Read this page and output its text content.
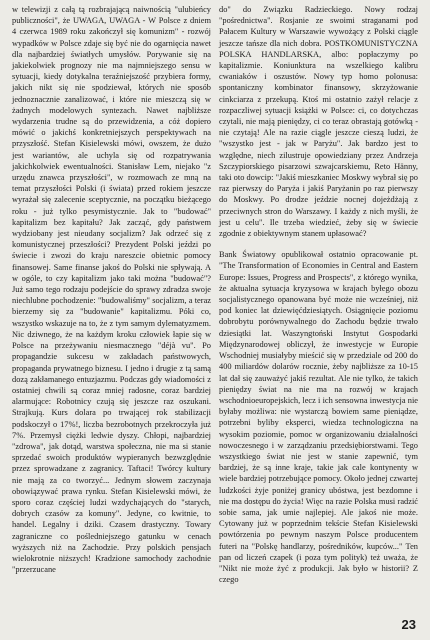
w telewizji z całą tą rozbrajającą naiwnością "ulubieńcy publiczności", że UWAGA, UWAGA - W Polsce z dniem 4 czerwca 1989 roku zakończył się komunizm" - rozwój wypadków w Polsce zdaje się być nie do ogarnięcia nawet dla najbardziej światłych umysłów. Porywanie się na jakiekolwiek prognozy nie ma najmniejszego sensu w sytuacji, kiedy dotykalna teraźniejszość przybiera formy, jakich nikt się nie spodziewał, których nie sposób jednoznacznie zanalizować, i które nie mieszczą się w żadnych modelowych syntezach. Nawet najbliższe wydarzenia trudne są do przewidzenia, a cóż dopiero mówić o jakichś konkretniejszych perspektywach na przyszłość. Stefan Kisielewski mówi, owszem, że dużo jest wariantów, ale uchyla się od rozpatrywania jakichkolwiek ewentualności. Stanisław Lem, niejako "z urzędu znawca przyszłości", w rozmowach ze mną na temat przyszłości Polski (i świata) przed rokiem jeszcze wyrażał się zalecenie sceptycznie, na początku bieżącego roku - już tylko pesymistycznie. Jak to "budować" kapitalizm bez kapitału? Jak zacząć, gdy państwem wydziobany jest nieudany socjalizm? Jak odrzeć się z komunistycznej przeszłości? Prezydent Polski jeździ po świecie i zwozi do kraju nareszcie obietnic pomocy finansowej. Same finanse jakoś do Polski nie spływają. A w ogóle, to czy kapitalizm jako taki można "budować"? Już samo tego rodzaju podejście do sprawy zdradza swoje niechlubne pochodzenie: "budowaliśmy" socjalizm, a teraz bierzemy się za "budowanie" kapitalizmu. Póki co, wszystko wskazuje na to, że z tym samym dylematyzmem. Nic dziwnego, że na każdym kroku człowiek łapie się w Polsce na przeżywaniu niesmacznego "déjà vu". Po propagandzie sukcesu w zakładach państwowych, propaganda prywatnego biznesu. I jedno i drugie z tą samą dozą zakłamanego entuzjazmu. Podczas gdy wiadomości z ostatniej chwili są coraz mniej radosne, coraz bardziej alarmujące: Robotnicy czują się jeszcze raz oszukani. Strajkują. Kurs dolara po trwającej rok stabilizacji podskoczył o 17%!, liczba bezrobotnych przekroczyła już 7%. Przemysł ciężki ledwie dyszy. Chłopi, najbardziej "zdrowa", jak dotąd, warstwa społeczna, nie ma si stanie sprzedać swoich produktów wypieranych bezwzględnie przez sprowadzane z zagranicy. Taftaci! Twórcy kultury nie mają za co tworzyć... Jednym słowem zaczynaja obowiązywać prawa rynku. Stefan Kisielewski mówi, że sporo coraz częściej ludzi wzdychających do "starych, dobrych czasów za komuny". Jedyne, co kwitnie, to handel. Legalny i dziki. Czasem drastyczny. Towary zagraniczne co pośledniejszego gatunku w cenach wyższych niż na Zachodzie. Przy polskich pensjach wielokrotnie niższych! Kradzione samochody zachodnie "przerzucane

do" do Związku Radzieckiego. Nowy rodzaj "pośrednictwa". Rosjanie ze swoimi straganami pod Pałacem Kultury w Warszawie wywożący z Polski ciągle jeszcze tańsze dla nich dobra. POSTKOMUNISTYCZNA POLSKA HANDLARSKA, albo: popłaczymy po kapitalizmie. Koniunktura na wszelkiego kalibru cwaniaków i oszustów. Nowy typ homo polonusa: spontaniczny kombinator finansowy, skrzyżowanie cinkciarza z przekupą. Ktoś mi ostatnio zażył relacje z rozpaczliwej sytuacji książki w Polsce: ci, co dotychczas czytali, nie mają pieniędzy, ci co teraz obrastają gotówką - nie czytają! Ale na razie ciągle jeszcze cieszą ludzi, że "wszystko jest - jak w Paryżu". Jak bardzo jest to względne, niech zilustruje opowiedziany przez Andrzeja Szczypiorskiego pisarzowi szwajcarskiemu, Reto Hänny, taki oto dowcip: "Jakiś mieszkaniec Moskwy wybrał się po raz pierwszy do Paryża i jakiś Paryżanin po raz pierwszy do Moskwy. Po drodze jeździe nocnej dojeżdżają z przeciwnych stron do Warszawy. I każdy z nich myśli, że jest u celu". Ile trzeba wiedzieć, żeby się w świecie zgodnie z obiektywnym stanem upłasować?

Bank Światowy opublikował ostatnio opracowanie pt. "The Transformation of Economies in Central and Eastern Europe: Issues, Progress and Prospects", z którego wynika, że aktualna sytuacja kryzysowa w krajach byłego obozu socjalistycznego opanowana być może nie wcześniej, niż pod koniec lat dziewięćdziesiątych. Osiągnięcie poziomu dobrobytu porównywalnego do Zachodu będzie trwało dziesiątki lat. Waszyngtoński Instytut Gospodarki Międzynarodowej obliczył, że inwestycje w Europie Wschodniej musiałyby mieścić się w przedziale od 200 do 400 miliardów dolarów rocznie, żeby najbliższe za 10-15 lat dał się zauważyć jakiś rezultat. Ale nie tylko, że takich pieniędzy świat na nie ma na rozwój w krajach wschodnioeuropejskich, lecz i ich sensowna inwestycja nie byłaby możliwa: nie wystarczą bowiem same pieniądze, potrzebni byliby eksperci, wiedza technologiczna na wysokim poziomie, pomoc w organizowaniu działalności nowoczesnego i w zarządzaniu przedsiębiorstwami. Tego wszystkiego świat nie jest w stanie zapewnić, tym bardziej, że są inne kraje, takie jak cale kontynenty w wiele bardziej potrzebujące pomocy. Około jednej czwartej ludzkości żyje poniżej granicy ubóstwa, jest bezdomne i nie ma dostępu do życia! Więc na razie Polska musi radzić sobie sama, jak umie najlepiej. Ale jakoś nie może. Cytowany już w poprzednim tekście Stefan Kisielewski powtórzenia po pewnym naszym Polsce producentem futeri na "Polskę handlarzy, pośredników, kupców..." Ten pan od liczeń czapek (i poza tym polityk) też uważa, że "Nikt nie może żyć z produkcji. Jak było w historii? Z czego

23
